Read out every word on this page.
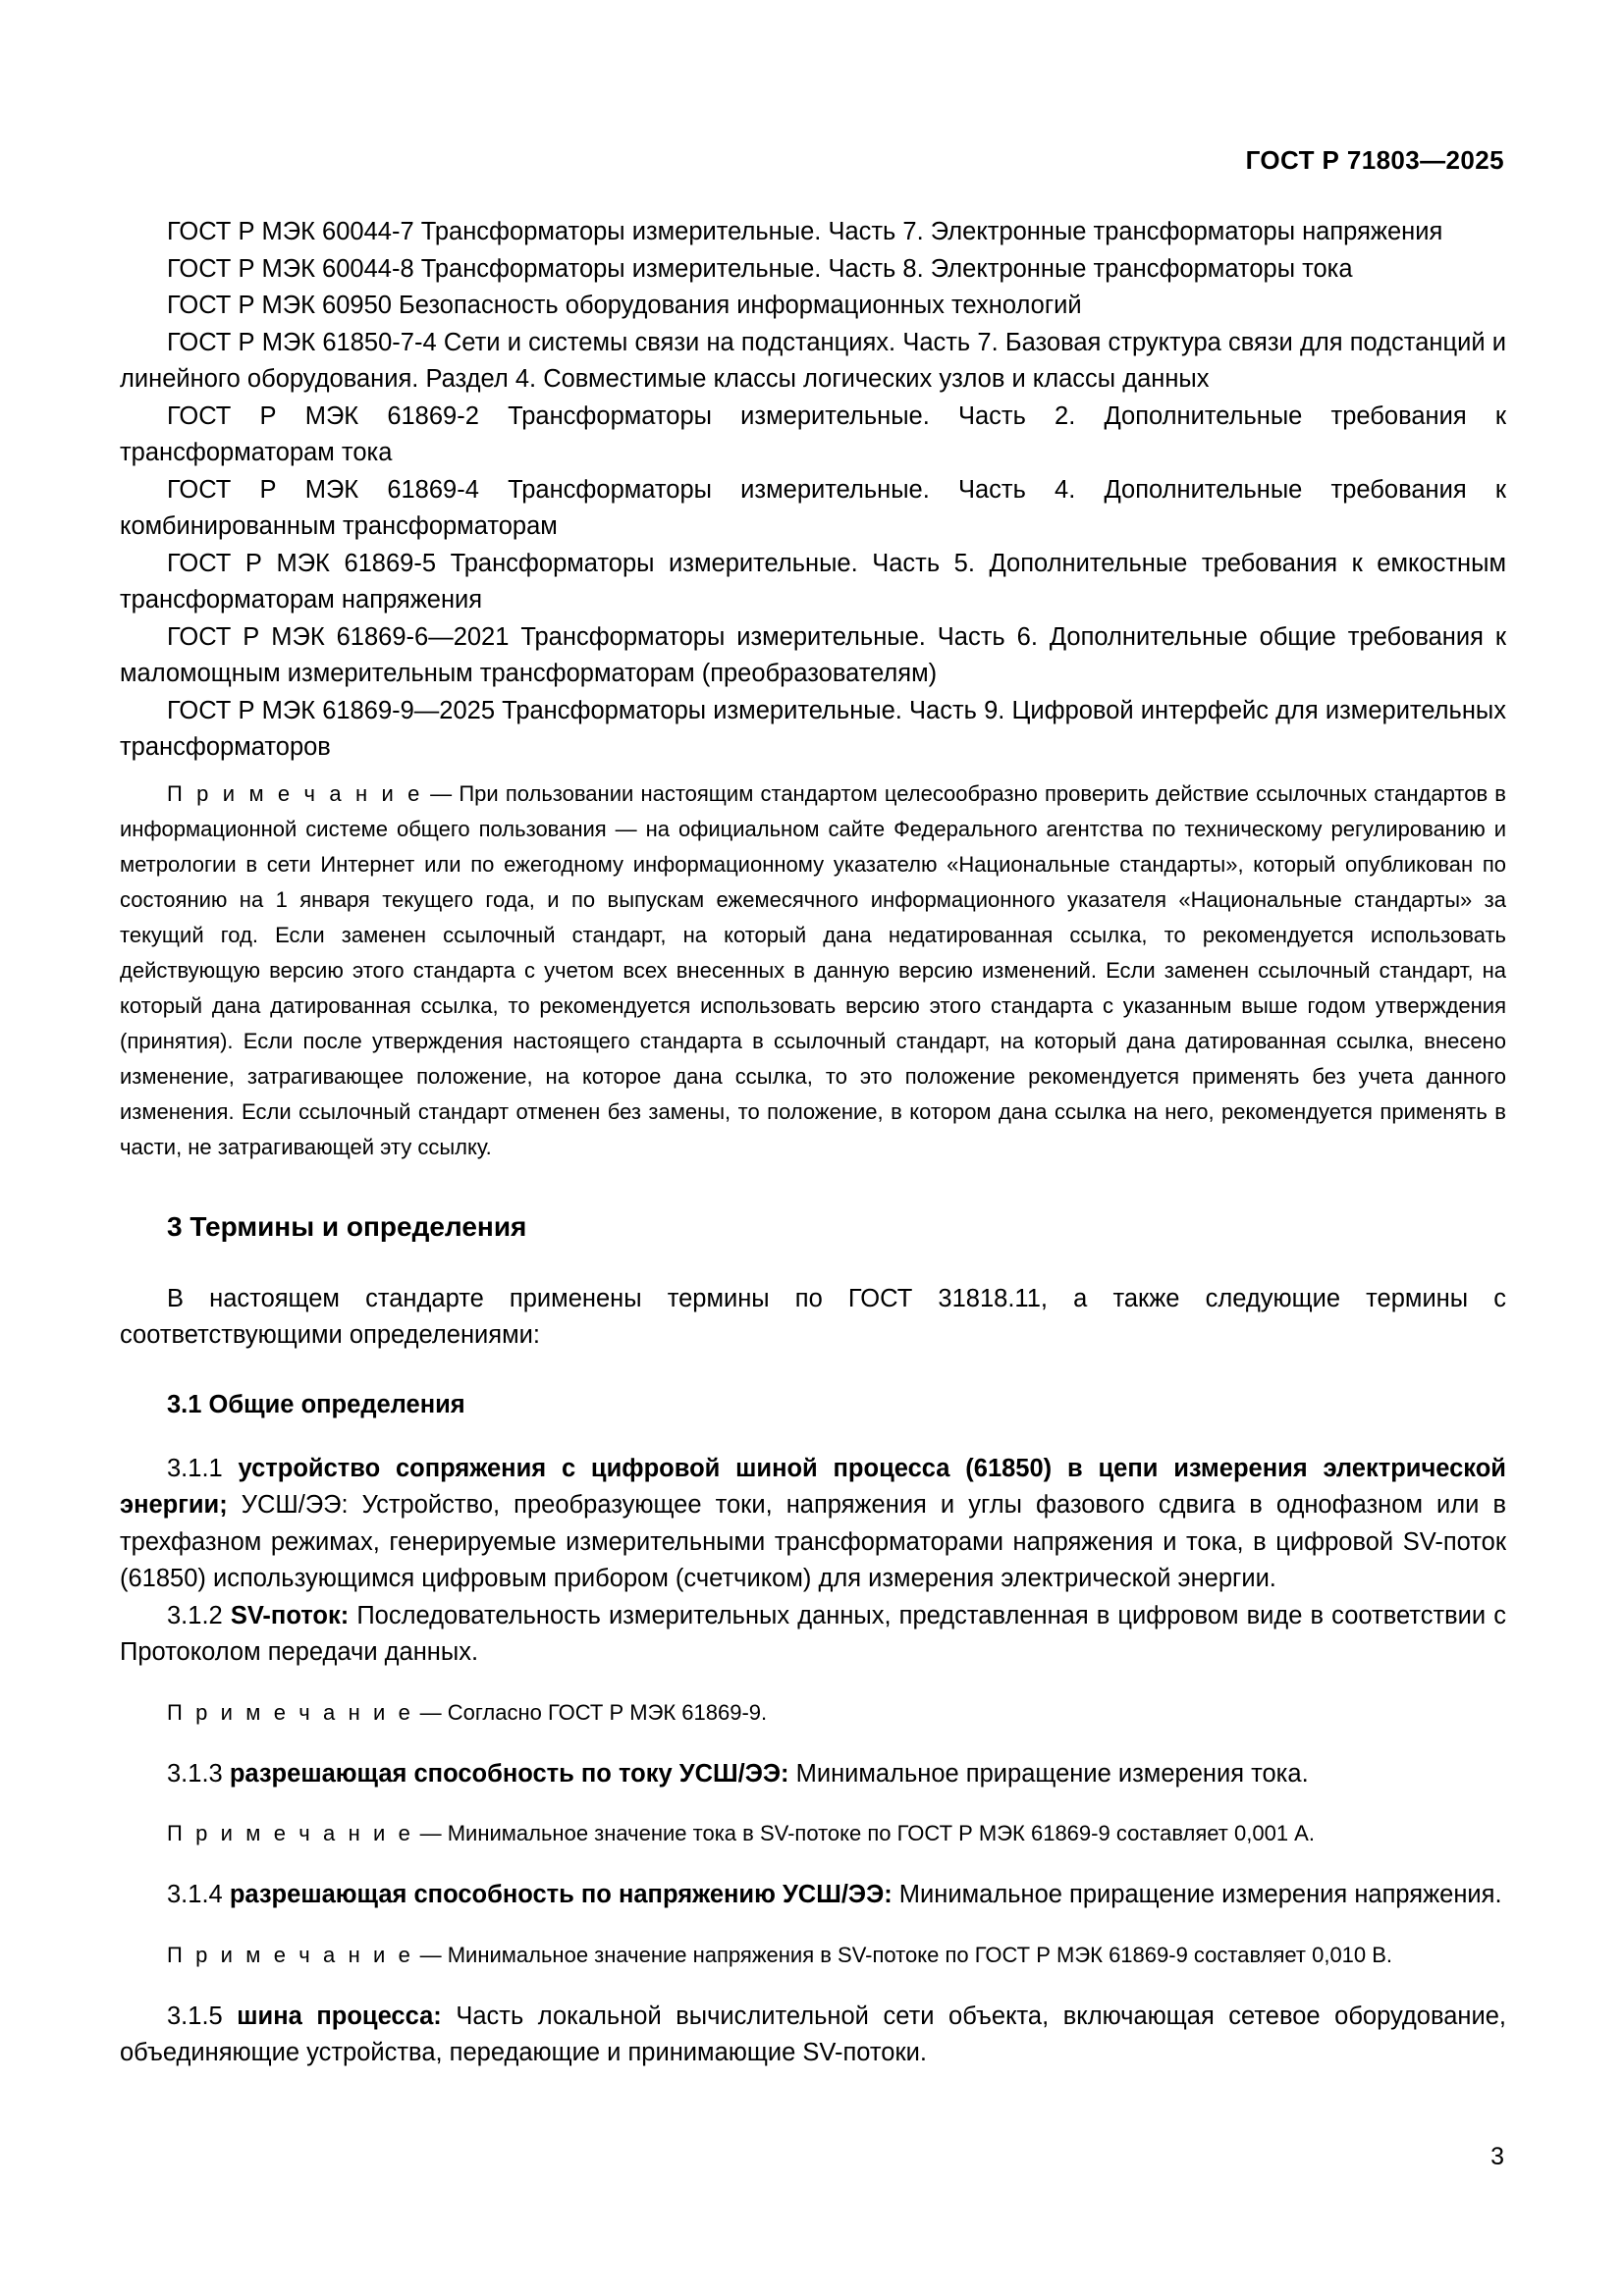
ГОСТ Р 71803—2025

ГОСТ Р МЭК 60044-7 Трансформаторы измерительные. Часть 7. Электронные трансформаторы напряжения

ГОСТ Р МЭК 60044-8 Трансформаторы измерительные. Часть 8. Электронные трансформаторы тока

ГОСТ Р МЭК 60950 Безопасность оборудования информационных технологий

ГОСТ Р МЭК 61850-7-4 Сети и системы связи на подстанциях. Часть 7. Базовая структура связи для подстанций и линейного оборудования. Раздел 4. Совместимые классы логических узлов и классы данных

ГОСТ Р МЭК 61869-2 Трансформаторы измерительные. Часть 2. Дополнительные требования к трансформаторам тока

ГОСТ Р МЭК 61869-4 Трансформаторы измерительные. Часть 4. Дополнительные требования к комбинированным трансформаторам

ГОСТ Р МЭК 61869-5 Трансформаторы измерительные. Часть 5. Дополнительные требования к емкостным трансформаторам напряжения

ГОСТ Р МЭК 61869-6—2021 Трансформаторы измерительные. Часть 6. Дополнительные общие требования к маломощным измерительным трансформаторам (преобразователям)

ГОСТ Р МЭК 61869-9—2025 Трансформаторы измерительные. Часть 9. Цифровой интерфейс для измерительных трансформаторов

П р и м е ч а н и е — При пользовании настоящим стандартом целесообразно проверить действие ссылочных стандартов в информационной системе общего пользования — на официальном сайте Федерального агентства по техническому регулированию и метрологии в сети Интернет или по ежегодному информационному указателю «Национальные стандарты», который опубликован по состоянию на 1 января текущего года, и по выпускам ежемесячного информационного указателя «Национальные стандарты» за текущий год. Если заменен ссылочный стандарт, на который дана недатированная ссылка, то рекомендуется использовать действующую версию этого стандарта с учетом всех внесенных в данную версию изменений. Если заменен ссылочный стандарт, на который дана датированная ссылка, то рекомендуется использовать версию этого стандарта с указанным выше годом утверждения (принятия). Если после утверждения настоящего стандарта в ссылочный стандарт, на который дана датированная ссылка, внесено изменение, затрагивающее положение, на которое дана ссылка, то это положение рекомендуется применять без учета данного изменения. Если ссылочный стандарт отменен без замены, то положение, в котором дана ссылка на него, рекомендуется применять в части, не затрагивающей эту ссылку.

3 Термины и определения

В настоящем стандарте применены термины по ГОСТ 31818.11, а также следующие термины с соответствующими определениями:

3.1 Общие определения

3.1.1 устройство сопряжения с цифровой шиной процесса (61850) в цепи измерения электрической энергии; УСШ/ЭЭ: Устройство, преобразующее токи, напряжения и углы фазового сдвига в однофазном или в трехфазном режимах, генерируемые измерительными трансформаторами напряжения и тока, в цифровой SV-поток (61850) использующимся цифровым прибором (счетчиком) для измерения электрической энергии.

3.1.2 SV-поток: Последовательность измерительных данных, представленная в цифровом виде в соответствии с Протоколом передачи данных.

П р и м е ч а н и е — Согласно ГОСТ Р МЭК 61869-9.

3.1.3 разрешающая способность по току УСШ/ЭЭ: Минимальное приращение измерения тока.

П р и м е ч а н и е — Минимальное значение тока в SV-потоке по ГОСТ Р МЭК 61869-9 составляет 0,001 А.

3.1.4 разрешающая способность по напряжению УСШ/ЭЭ: Минимальное приращение измерения напряжения.

П р и м е ч а н и е — Минимальное значение напряжения в SV-потоке по ГОСТ Р МЭК 61869-9 составляет 0,010 В.

3.1.5 шина процесса: Часть локальной вычислительной сети объекта, включающая сетевое оборудование, объединяющие устройства, передающие и принимающие SV-потоки.

3
